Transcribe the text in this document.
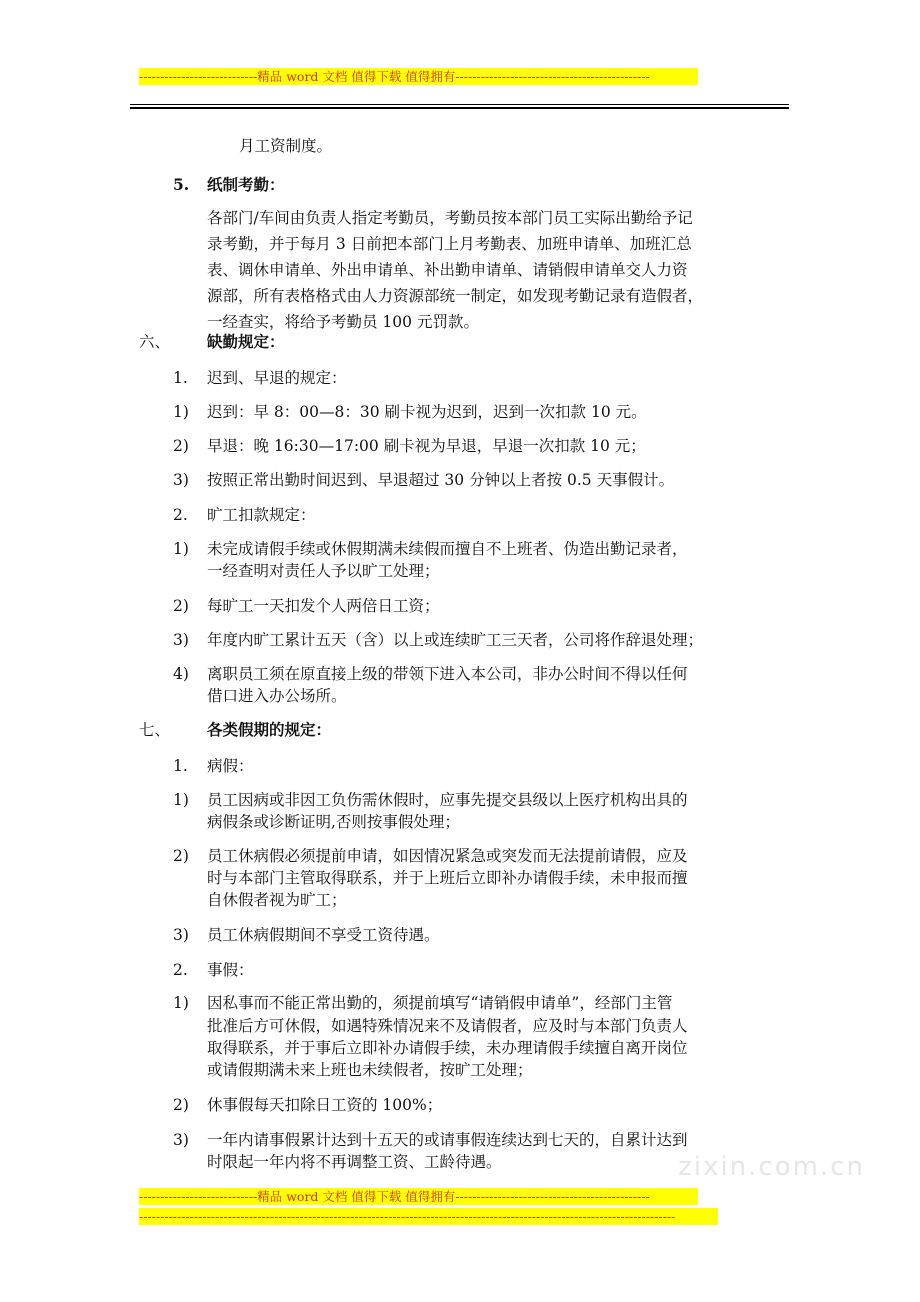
----------------------------精品 word 文档 值得下载 值得拥有----------------------------------------------
月工资制度。
5. 纸制考勤：
各部门/车间由负责人指定考勤员，考勤员按本部门员工实际出勤给予记
录考勤，并于每月 3 日前把本部门上月考勤表、加班申请单、加班汇总
表、调休申请单、外出申请单、补出勤申请单、请销假申请单交人力资
源部，所有表格格式由人力资源部统一制定，如发现考勤记录有造假者，
一经查实，将给予考勤员 100 元罚款。
六、 缺勤规定：
1. 迟到、早退的规定：
1) 迟到：早 8：00—8：30 刷卡视为迟到，迟到一次扣款 10 元。
2) 早退：晚 16:30—17:00 刷卡视为早退，早退一次扣款 10 元；
3) 按照正常出勤时间迟到、早退超过 30 分钟以上者按 0.5 天事假计。
2. 旷工扣款规定：
1) 未完成请假手续或休假期满未续假而擅自不上班者、伪造出勤记录者，
一经查明对责任人予以旷工处理；
2) 每旷工一天扣发个人两倍日工资；
3) 年度内旷工累计五天（含）以上或连续旷工三天者，公司将作辞退处理；
4) 离职员工须在原直接上级的带领下进入本公司，非办公时间不得以任何
借口进入办公场所。
七、 各类假期的规定：
1. 病假：
1) 员工因病或非因工负伤需休假时，应事先提交县级以上医疗机构出具的
病假条或诊断证明,否则按事假处理；
2) 员工休病假必须提前申请，如因情况紧急或突发而无法提前请假，应及
时与本部门主管取得联系，并于上班后立即补办请假手续，未申报而擅
自休假者视为旷工；
3) 员工休病假期间不享受工资待遇。
2. 事假：
1) 因私事而不能正常出勤的，须提前填写“请销假申请单”，经部门主管
批准后方可休假，如遇特殊情况来不及请假者，应及时与本部门负责人
取得联系，并于事后立即补办请假手续，未办理请假手续擅自离开岗位
或请假期满未来上班也未续假者，按旷工处理；
2) 休事假每天扣除日工资的 100%；
3) 一年内请事假累计达到十五天的或请事假连续达到七天的，自累计达到
时限起一年内将不再调整工资、工龄待遇。	zixin.com.cn
----------------------------精品 word 文档 值得下载 值得拥有----------------------------------------------
-------------------------------------------------------------------------------------------------------------------------------
